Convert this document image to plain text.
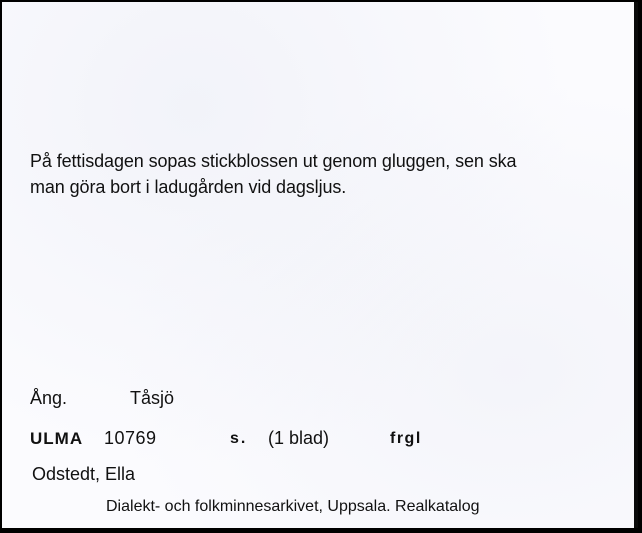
På fettisdagen sopas stickblossen ut genom gluggen, sen ska
man göra bort i ladugården vid dagsljus.
Ång.	Tåsjö
ULMA 10769	s. (1 blad)	frgl
Odstedt, Ella
Dialekt- och folkminnesarkivet, Uppsala. Realkatalog
